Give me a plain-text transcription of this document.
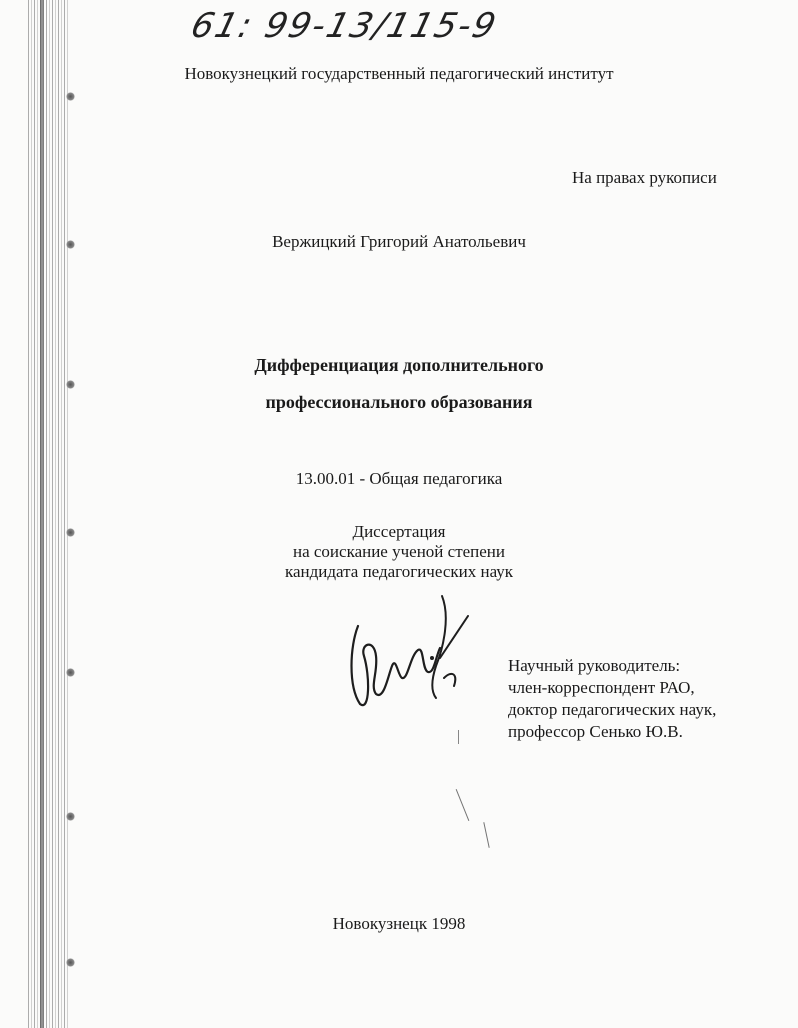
61: 99-13/115-9
Новокузнецкий государственный педагогический институт
На правах рукописи
Вержицкий Григорий Анатольевич
Дифференциация дополнительного
профессионального образования
13.00.01 - Общая педагогика
Диссертация
на соискание ученой степени
кандидата педагогических наук
Научный руководитель:
член-корреспондент РАО,
доктор педагогических наук,
профессор Сенько Ю.В.
Новокузнецк 1998
